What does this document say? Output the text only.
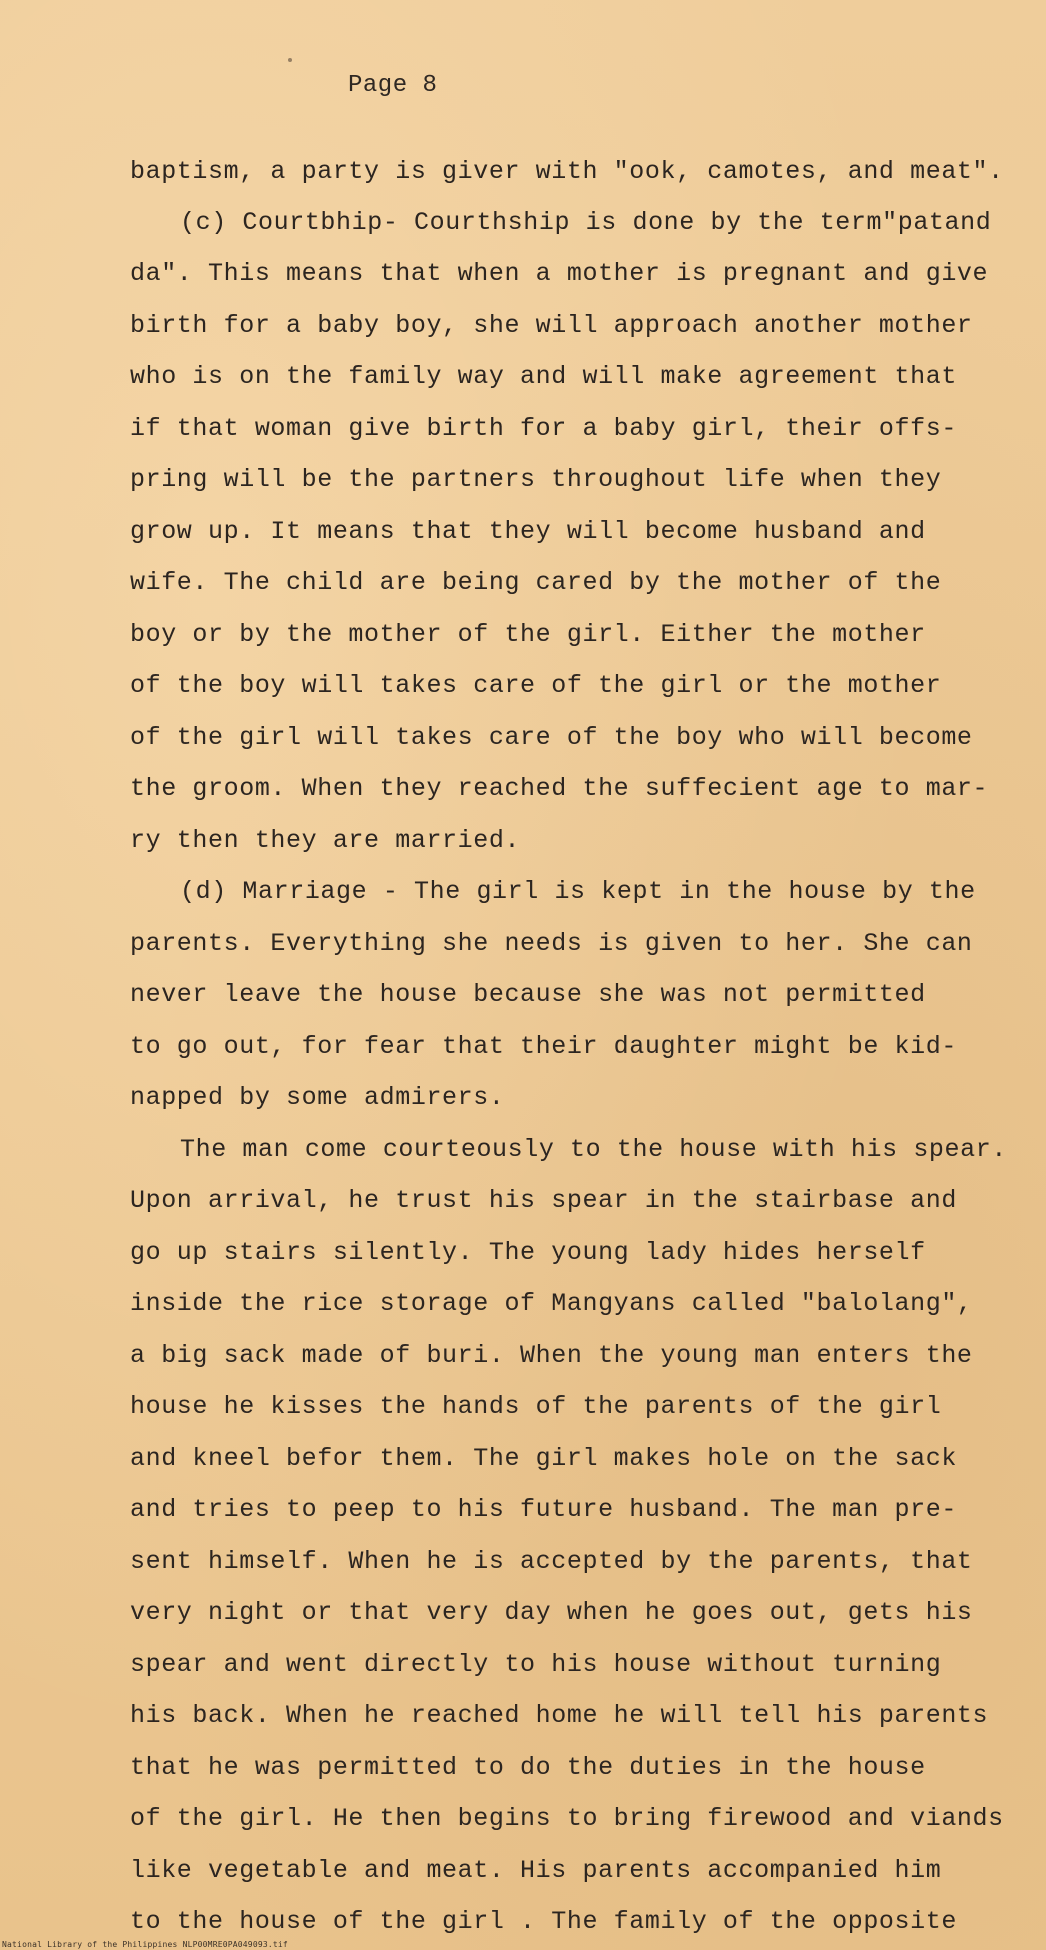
Page 8
baptism, a party is giver with "ook, camotes, and meat".
(c) Courtbhip- Courthship is done by the term"patand
da". This means that when a mother is pregnant and give
birth for a baby boy, she will approach another mother
who is on the family way and will make agreement that
if that woman give birth for a baby girl, their offs-
pring will be the partners throughout life when they
grow up. It means that they will become husband and
wife. The child are being cared by the mother of the
boy or by the mother of the girl. Either the mother
of the boy will takes care of the girl or the mother
of the girl will takes care of the boy who will become
the groom. When they reached the suffecient age to mar-
ry then they are married.
(d) Marriage - The girl is kept in the house by the
parents. Everything she needs is given to her. She can
never leave the house because she was not permitted
to go out, for fear that their daughter might be kid-
napped by some admirers.
The man come courteously to the house with his spear.
Upon arrival, he trust his spear in the stairbase and
go up stairs silently. The young lady hides herself
inside the rice storage of Mangyans called "balolang",
a big sack made of buri. When the young man enters the
house he kisses the hands of the parents of the girl
and kneel befor them. The girl makes hole on the sack
and tries to peep to his future husband. The man pre-
sent himself. When he is accepted by the parents, that
very night or that very day when he goes out, gets his
spear and went directly to his house without turning
his back. When he reached home he will tell his parents
that he was permitted to do the duties in the house
of the girl. He then begins to bring firewood and viands
like vegetable and meat. His parents accompanied him
to the house of the girl . The family of the opposite
National Library of the Philippines NLP00MRE0PA049093.tif
